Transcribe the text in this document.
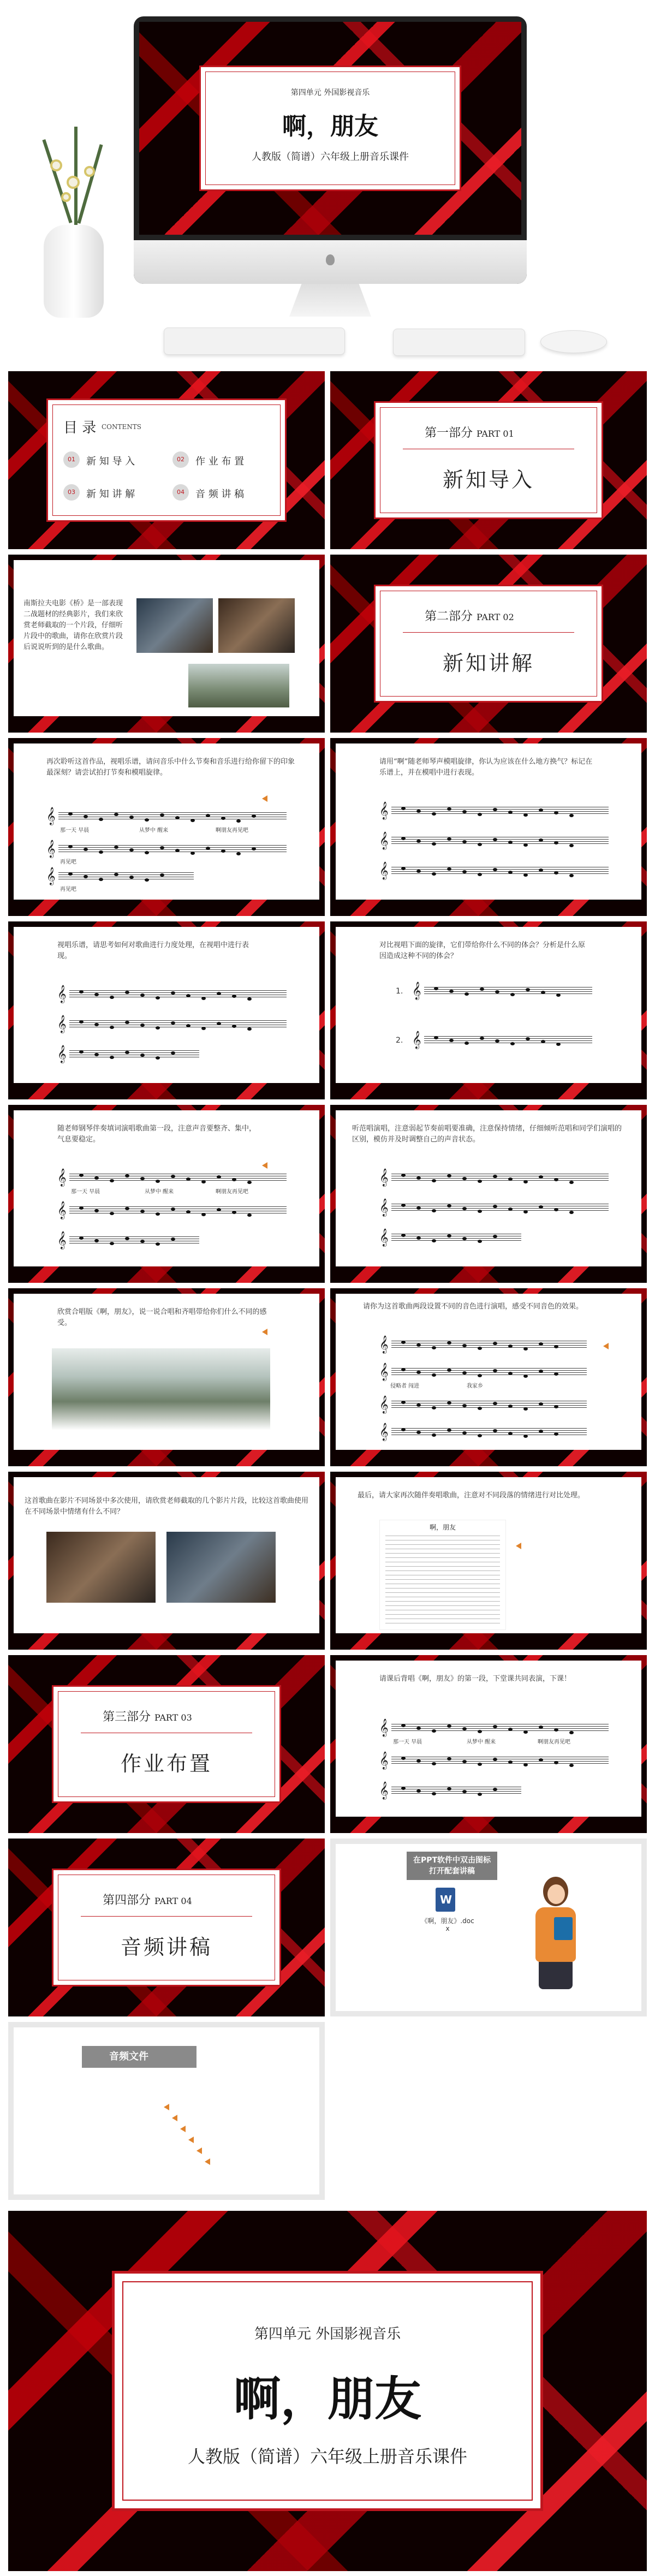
第四单元 外国影视音乐
啊，朋友
人教版（简谱）六年级上册音乐课件
目 录 CONTENTS
01	新 知 导 入	02	作 业 布 置
03	新 知 讲 解	04	音 频 讲 稿
第一部分 PART 01
新知导入
南斯拉夫电影《桥》是一部表现二战题材的经典影片，我们来欣赏老师截取的一个片段，仔细听片段中的歌曲，请你在欣赏片段后说说听到的是什么歌曲。
第二部分 PART 02
新知讲解
再次聆听这首作品，视唱乐谱，请问音乐中什么节奏和音乐进行给你留下的印象最深刻？请尝试拍打节奏和模唱旋律。
𝄞
那一天 早晨	从梦中 醒来	啊朋友再见吧
𝄞
再见吧
𝄞
再见吧
请用“啊”随老师琴声模唱旋律，你认为应该在什么地方换气？标记在乐谱上，并在模唱中进行表现。
𝄞
𝄞
𝄞
视唱乐谱，请思考如何对歌曲进行力度处理，在视唱中进行表现。
𝄞
𝄞
𝄞
对比视唱下面的旋律，它们带给你什么不同的体会？分析是什么原因造成这种不同的体会？
1. 𝄞
2. 𝄞
随老师钢琴伴奏填词演唱歌曲第一段，注意声音要整齐、集中，气息要稳定。
𝄞
那一天 早晨	从梦中 醒来	啊朋友再见吧
𝄞
𝄞
听范唱演唱，注意弱起节奏前唱要准确，注意保持情绪，仔细倾听范唱和同学们演唱的区别，模仿并及时调整自己的声音状态。
𝄞
𝄞
𝄞
欣赏合唱版《啊，朋友》，说一说合唱和齐唱带给你们什么不同的感受。
请你为这首歌曲两段设置不同的音色进行演唱，感受不同音色的效果。
𝄞
𝄞
侵略者 闯进	我家乡
𝄞
𝄞
这首歌曲在影片不同场景中多次使用，请欣赏老师截取的几个影片片段，比较这首歌曲使用在不同场景中情绪有什么不同？
最后，请大家再次随伴奏唱歌曲，注意对不同段落的情绪进行对比处理。
啊，朋友
第三部分 PART 03
作业布置
请课后背唱《啊，朋友》的第一段，下堂课共同表演，下课！
𝄞
那一天 早晨	从梦中 醒来	啊朋友再见吧
𝄞
𝄞
第四部分 PART 04
音频讲稿
在PPT软件中双击图标打开配套讲稿
W
《啊，朋友》.doc
x
音频文件
第四单元 外国影视音乐
啊，朋友
人教版（简谱）六年级上册音乐课件
